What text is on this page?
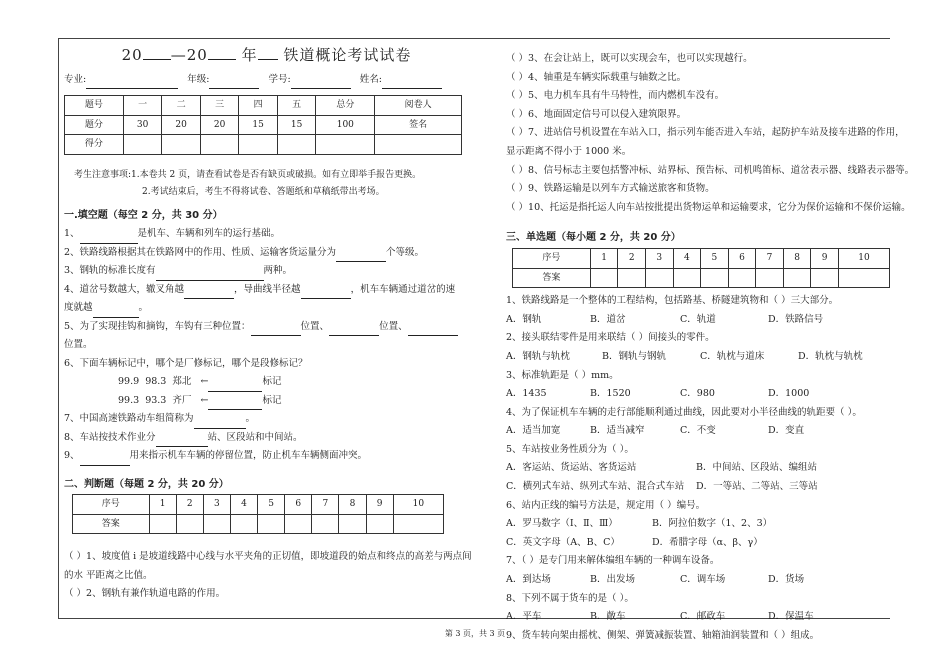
20 —20 年 铁道概论考试试卷
专业:	年级:	学号:	姓名:
题号	一	二	三	四	五	总分	阅卷人
题分	30	20	20	15	15	100	签名
得分							
考生注意事项:1.本卷共 2 页，请查看试卷是否有缺页或破损。如有立即举手报告更换。
2.考试结束后，考生不得将试卷、答题纸和草稿纸带出考场。
一.填空题（每空 2 分，共 30 分）
1、	是机车、车辆和列车的运行基础。
2、铁路线路根据其在铁路网中的作用、性质、运输客货运量分为	个等级。
3、钢轨的标准长度有	两种。
4、道岔号数越大，辙叉角越	，导曲线半径越	，机车车辆通过道岔的速
度就越	。
5、为了实现挂钩和摘钩，车钩有三种位置：	位置、	位置、
位置。
6、下面车辆标记中，哪个是厂修标记，哪个是段修标记？
99.9 98.3 郑北 ←	标记
99.3 93.3 齐厂 ←	标记
7、中国高速铁路动车组简称为	。
8、车站按技术作业分	站、区段站和中间站。
9、	用来指示机车车辆的停留位置，防止机车车辆侧面冲突。
二、判断题（每题 2 分，共 20 分）
序号	1	2	3	4	5	6	7	8	9	10
答案										
（ ）1、坡度值 i 是坡道线路中心线与水平夹角的正切值，即坡道段的始点和终点的高差与两点间
的水 平距离之比值。
（ ）2、钢轨有兼作轨道电路的作用。
（ ）3、在会让站上，既可以实现会车，也可以实现越行。
（ ）4、轴重是车辆实际载重与轴数之比。
（ ）5、电力机车具有牛马特性，而内燃机车没有。
（ ）6、地面固定信号可以侵入建筑限界。
（ ）7、进站信号机设置在车站入口，指示列车能否进入车站，起防护车站及接车进路的作用，
显示距离不得小于 1000 米。
（ ）8、信号标志主要包括警冲标、站界标、预告标、司机鸣笛标、道岔表示器、线路表示器等。
（ ）9、铁路运输是以列车方式输送旅客和货物。
（ ）10、托运是指托运人向车站按批提出货物运单和运输要求，它分为保价运输和不保价运输。
三、单选题（每小题 2 分，共 20 分）
序号	1	2	3	4	5	6	7	8	9	10
答案										
1、铁路线路是一个整体的工程结构，包括路基、桥隧建筑物和（ ）三大部分。
A．钢轨	B．道岔	C．轨道	D．铁路信号
2、接头联结零件是用来联结（ ）间接头的零件。
A．钢轨与轨枕	B．钢轨与钢轨	C．轨枕与道床	D．轨枕与轨枕
3、标准轨距是（ ）mm。
A．1435	B．1520	C．980	D．1000
4、为了保证机车车辆的走行部能顺利通过曲线，因此要对小半径曲线的轨距要（ ）。
A．适当加宽	B．适当减窄	C．不变	D．变直
5、车站按业务性质分为（ ）。
A．客运站、货运站、客货运站	B．中间站、区段站、编组站
C．横列式车站、纵列式车站、混合式车站 D．一等站、二等站、三等站
6、站内正线的编号方法是，规定用（ ）编号。
A．罗马数字（Ⅰ、Ⅱ、Ⅲ）	B．阿拉伯数字（1、2、3）
C．英文字母（A、B、C）	D．希腊字母（α、β、γ）
7、（ ）是专门用来解体编组车辆的一种调车设备。
A．到达场	B．出发场	C．调车场	D．货场
8、下列不属于货车的是（ ）。
A．平车	B．敞车	C．邮政车	D．保温车
9、货车转向架由摇枕、侧架、弹簧减振装置、轴箱油润装置和（ ）组成。
第 3 页，共 3 页
